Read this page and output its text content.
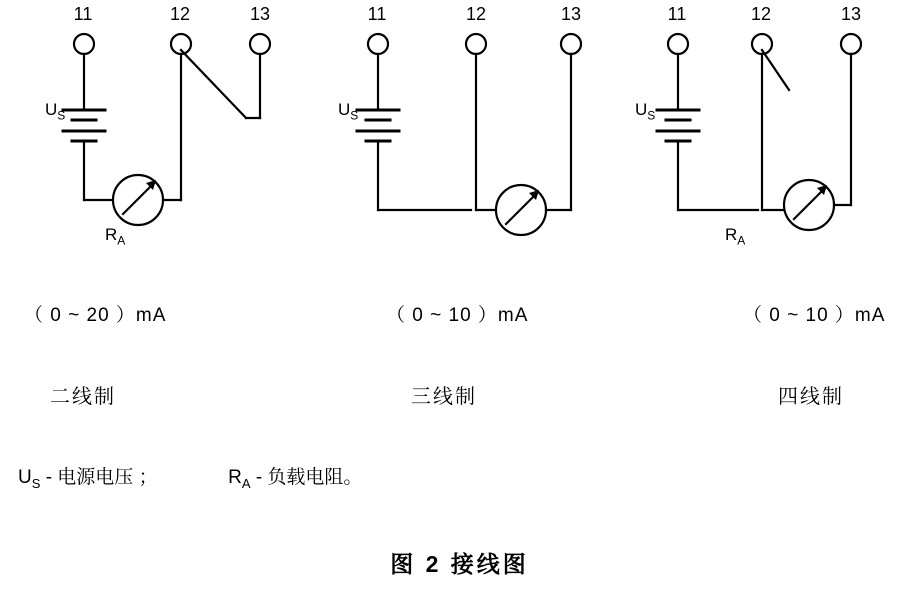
11	12	13
$U_S$
$R_A$
（ 0 ~ 20 ）mA
二线制
11	12	13
$U_S$
（ 0 ~ 10 ）mA
三线制
11	12	13
$U_S$
$R_A$
（ 0 ~ 10 ）mA
四线制
$U_S$ - 电源电压 ；	$R_A$ - 负载电阻。
图 2 接线图
